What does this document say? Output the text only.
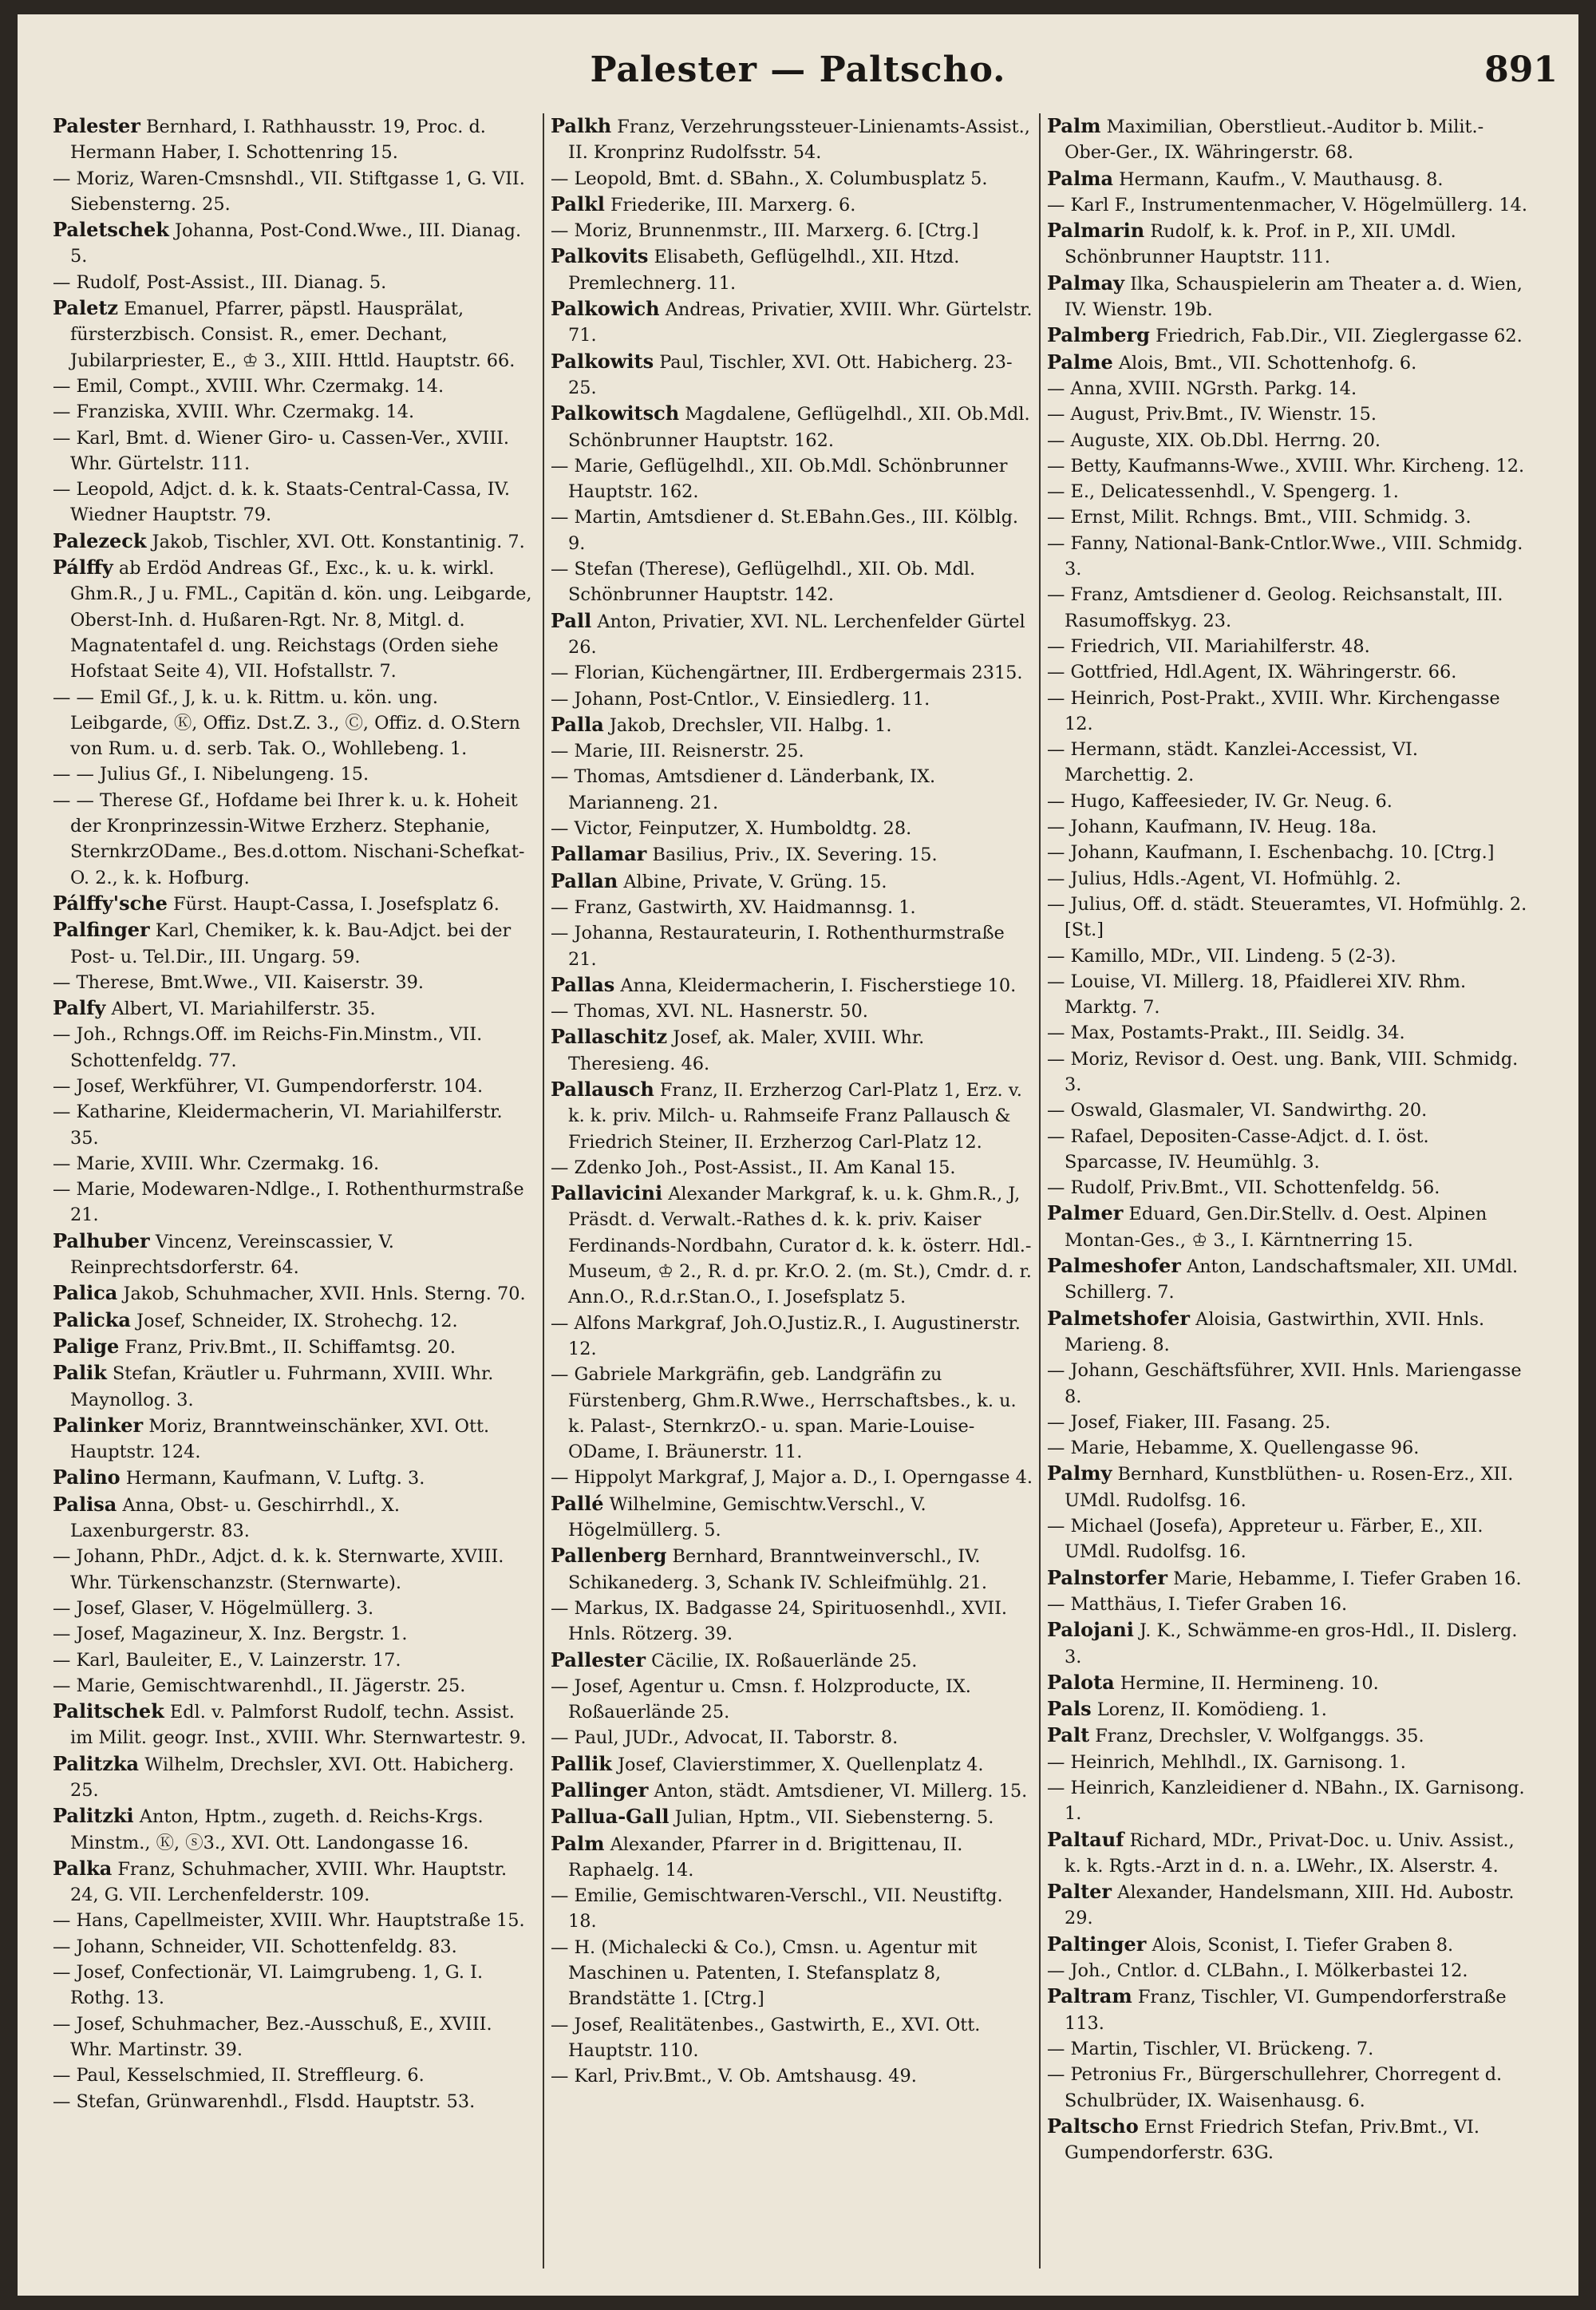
Palester — Paltscho.	891

Palester Bernhard, I. Rathhausstr. 19, Proc. d. Hermann Haber, I. Schottenring 15.

— Moriz, Waren-Cmsnshdl., VII. Stiftgasse 1, G. VII. Siebensterng. 25.

Paletschek Johanna, Post-Cond.Wwe., III. Dianag. 5.

— Rudolf, Post-Assist., III. Dianag. 5.

Paletz Emanuel, Pfarrer, päpstl. Hausprälat, fürsterzbisch. Consist. R., emer. Dechant, Jubilarpriester, E., ♔ 3., XIII. Httld. Hauptstr. 66.

— Emil, Compt., XVIII. Whr. Czermakg. 14.

— Franziska, XVIII. Whr. Czermakg. 14.

— Karl, Bmt. d. Wiener Giro- u. Cassen-Ver., XVIII. Whr. Gürtelstr. 111.

— Leopold, Adjct. d. k. k. Staats-Central-Cassa, IV. Wiedner Hauptstr. 79.

Palezeck Jakob, Tischler, XVI. Ott. Konstantinig. 7.

Pálffy ab Erdöd Andreas Gf., Exc., k. u. k. wirkl. Ghm.R., J u. FML., Capitän d. kön. ung. Leibgarde, Oberst-Inh. d. Hußaren-Rgt. Nr. 8, Mitgl. d. Magnatentafel d. ung. Reichstags (Orden siehe Hofstaat Seite 4), VII. Hofstallstr. 7.

— — Emil Gf., J, k. u. k. Rittm. u. kön. ung. Leibgarde, Ⓚ, Offiz. Dst.Z. 3., Ⓒ, Offiz. d. O.Stern von Rum. u. d. serb. Tak. O., Wohllebeng. 1.

— — Julius Gf., I. Nibelungeng. 15.

— — Therese Gf., Hofdame bei Ihrer k. u. k. Hoheit der Kronprinzessin-Witwe Erzherz. Stephanie, SternkrzODame., Bes.d.ottom. Nischani-Schefkat-O. 2., k. k. Hofburg.

Pálffy'sche Fürst. Haupt-Cassa, I. Josefsplatz 6.

Palfinger Karl, Chemiker, k. k. Bau-Adjct. bei der Post- u. Tel.Dir., III. Ungarg. 59.

— Therese, Bmt.Wwe., VII. Kaiserstr. 39.

Palfy Albert, VI. Mariahilferstr. 35.

— Joh., Rchngs.Off. im Reichs-Fin.Minstm., VII. Schottenfeldg. 77.

— Josef, Werkführer, VI. Gumpendorferstr. 104.

— Katharine, Kleidermacherin, VI. Mariahilferstr. 35.

— Marie, XVIII. Whr. Czermakg. 16.

— Marie, Modewaren-Ndlge., I. Rothenthurmstraße 21.

Palhuber Vincenz, Vereinscassier, V. Reinprechtsdorferstr. 64.

Palica Jakob, Schuhmacher, XVII. Hnls. Sterng. 70.

Palicka Josef, Schneider, IX. Strohechg. 12.

Palige Franz, Priv.Bmt., II. Schiffamtsg. 20.

Palik Stefan, Kräutler u. Fuhrmann, XVIII. Whr. Maynollog. 3.

Palinker Moriz, Branntweinschänker, XVI. Ott. Hauptstr. 124.

Palino Hermann, Kaufmann, V. Luftg. 3.

Palisa Anna, Obst- u. Geschirrhdl., X. Laxenburgerstr. 83.

— Johann, PhDr., Adjct. d. k. k. Sternwarte, XVIII. Whr. Türkenschanzstr. (Sternwarte).

— Josef, Glaser, V. Högelmüllerg. 3.

— Josef, Magazineur, X. Inz. Bergstr. 1.

— Karl, Bauleiter, E., V. Lainzerstr. 17.

— Marie, Gemischtwarenhdl., II. Jägerstr. 25.

Palitschek Edl. v. Palmforst Rudolf, techn. Assist. im Milit. geogr. Inst., XVIII. Whr. Sternwartestr. 9.

Palitzka Wilhelm, Drechsler, XVI. Ott. Habicherg. 25.

Palitzki Anton, Hptm., zugeth. d. Reichs-Krgs. Minstm., Ⓚ, ⓢ3., XVI. Ott. Landongasse 16.

Palka Franz, Schuhmacher, XVIII. Whr. Hauptstr. 24, G. VII. Lerchenfelderstr. 109.

— Hans, Capellmeister, XVIII. Whr. Hauptstraße 15.

— Johann, Schneider, VII. Schottenfeldg. 83.

— Josef, Confectionär, VI. Laimgrubeng. 1, G. I. Rothg. 13.

— Josef, Schuhmacher, Bez.-Ausschuß, E., XVIII. Whr. Martinstr. 39.

— Paul, Kesselschmied, II. Streffleurg. 6.

— Stefan, Grünwarenhdl., Flsdd. Hauptstr. 53.

Palkh Franz, Verzehrungssteuer-Linienamts-Assist., II. Kronprinz Rudolfsstr. 54.

— Leopold, Bmt. d. SBahn., X. Columbusplatz 5.

Palkl Friederike, III. Marxerg. 6.

— Moriz, Brunnenmstr., III. Marxerg. 6. [Ctrg.]

Palkovits Elisabeth, Geflügelhdl., XII. Htzd. Premlechnerg. 11.

Palkowich Andreas, Privatier, XVIII. Whr. Gürtelstr. 71.

Palkowits Paul, Tischler, XVI. Ott. Habicherg. 23-25.

Palkowitsch Magdalene, Geflügelhdl., XII. Ob.Mdl. Schönbrunner Hauptstr. 162.

— Marie, Geflügelhdl., XII. Ob.Mdl. Schönbrunner Hauptstr. 162.

— Martin, Amtsdiener d. St.EBahn.Ges., III. Kölblg. 9.

— Stefan (Therese), Geflügelhdl., XII. Ob. Mdl. Schönbrunner Hauptstr. 142.

Pall Anton, Privatier, XVI. NL. Lerchenfelder Gürtel 26.

— Florian, Küchengärtner, III. Erdbergermais 2315.

— Johann, Post-Cntlor., V. Einsiedlerg. 11.

Palla Jakob, Drechsler, VII. Halbg. 1.

— Marie, III. Reisnerstr. 25.

— Thomas, Amtsdiener d. Länderbank, IX. Marianneng. 21.

— Victor, Feinputzer, X. Humboldtg. 28.

Pallamar Basilius, Priv., IX. Severing. 15.

Pallan Albine, Private, V. Grüng. 15.

— Franz, Gastwirth, XV. Haidmannsg. 1.

— Johanna, Restaurateurin, I. Rothenthurmstraße 21.

Pallas Anna, Kleidermacherin, I. Fischerstiege 10.

— Thomas, XVI. NL. Hasnerstr. 50.

Pallaschitz Josef, ak. Maler, XVIII. Whr. Theresieng. 46.

Pallausch Franz, II. Erzherzog Carl-Platz 1, Erz. v. k. k. priv. Milch- u. Rahmseife Franz Pallausch & Friedrich Steiner, II. Erzherzog Carl-Platz 12.

— Zdenko Joh., Post-Assist., II. Am Kanal 15.

Pallavicini Alexander Markgraf, k. u. k. Ghm.R., J, Präsdt. d. Verwalt.-Rathes d. k. k. priv. Kaiser Ferdinands-Nordbahn, Curator d. k. k. österr. Hdl.-Museum, ♔ 2., R. d. pr. Kr.O. 2. (m. St.), Cmdr. d. r. Ann.O., R.d.r.Stan.O., I. Josefsplatz 5.

— Alfons Markgraf, Joh.O.Justiz.R., I. Augustinerstr. 12.

— Gabriele Markgräfin, geb. Landgräfin zu Fürstenberg, Ghm.R.Wwe., Herrschaftsbes., k. u. k. Palast-, SternkrzO.- u. span. Marie-Louise-ODame, I. Bräunerstr. 11.

— Hippolyt Markgraf, J, Major a. D., I. Operngasse 4.

Pallé Wilhelmine, Gemischtw.Verschl., V. Högelmüllerg. 5.

Pallenberg Bernhard, Branntweinverschl., IV. Schikanederg. 3, Schank IV. Schleifmühlg. 21.

— Markus, IX. Badgasse 24, Spirituosenhdl., XVII. Hnls. Rötzerg. 39.

Pallester Cäcilie, IX. Roßauerlände 25.

— Josef, Agentur u. Cmsn. f. Holzproducte, IX. Roßauerlände 25.

— Paul, JUDr., Advocat, II. Taborstr. 8.

Pallik Josef, Clavierstimmer, X. Quellenplatz 4.

Pallinger Anton, städt. Amtsdiener, VI. Millerg. 15.

Pallua-Gall Julian, Hptm., VII. Siebensterng. 5.

Palm Alexander, Pfarrer in d. Brigittenau, II. Raphaelg. 14.

— Emilie, Gemischtwaren-Verschl., VII. Neustiftg. 18.

— H. (Michalecki & Co.), Cmsn. u. Agentur mit Maschinen u. Patenten, I. Stefansplatz 8, Brandstätte 1. [Ctrg.]

— Josef, Realitätenbes., Gastwirth, E., XVI. Ott. Hauptstr. 110.

— Karl, Priv.Bmt., V. Ob. Amtshausg. 49.

Palm Maximilian, Oberstlieut.-Auditor b. Milit.-Ober-Ger., IX. Währingerstr. 68.

Palma Hermann, Kaufm., V. Mauthausg. 8.

— Karl F., Instrumentenmacher, V. Högelmüllerg. 14.

Palmarin Rudolf, k. k. Prof. in P., XII. UMdl. Schönbrunner Hauptstr. 111.

Palmay Ilka, Schauspielerin am Theater a. d. Wien, IV. Wienstr. 19b.

Palmberg Friedrich, Fab.Dir., VII. Zieglergasse 62.

Palme Alois, Bmt., VII. Schottenhofg. 6.

— Anna, XVIII. NGrsth. Parkg. 14.

— August, Priv.Bmt., IV. Wienstr. 15.

— Auguste, XIX. Ob.Dbl. Herrng. 20.

— Betty, Kaufmanns-Wwe., XVIII. Whr. Kircheng. 12.

— E., Delicatessenhdl., V. Spengerg. 1.

— Ernst, Milit. Rchngs. Bmt., VIII. Schmidg. 3.

— Fanny, National-Bank-Cntlor.Wwe., VIII. Schmidg. 3.

— Franz, Amtsdiener d. Geolog. Reichsanstalt, III. Rasumoffskyg. 23.

— Friedrich, VII. Mariahilferstr. 48.

— Gottfried, Hdl.Agent, IX. Währingerstr. 66.

— Heinrich, Post-Prakt., XVIII. Whr. Kirchengasse 12.

— Hermann, städt. Kanzlei-Accessist, VI. Marchettig. 2.

— Hugo, Kaffeesieder, IV. Gr. Neug. 6.

— Johann, Kaufmann, IV. Heug. 18a.

— Johann, Kaufmann, I. Eschenbachg. 10. [Ctrg.]

— Julius, Hdls.-Agent, VI. Hofmühlg. 2.

— Julius, Off. d. städt. Steueramtes, VI. Hofmühlg. 2. [St.]

— Kamillo, MDr., VII. Lindeng. 5 (2-3).

— Louise, VI. Millerg. 18, Pfaidlerei XIV. Rhm. Marktg. 7.

— Max, Postamts-Prakt., III. Seidlg. 34.

— Moriz, Revisor d. Oest. ung. Bank, VIII. Schmidg. 3.

— Oswald, Glasmaler, VI. Sandwirthg. 20.

— Rafael, Depositen-Casse-Adjct. d. I. öst. Sparcasse, IV. Heumühlg. 3.

— Rudolf, Priv.Bmt., VII. Schottenfeldg. 56.

Palmer Eduard, Gen.Dir.Stellv. d. Oest. Alpinen Montan-Ges., ♔ 3., I. Kärntnerring 15.

Palmeshofer Anton, Landschaftsmaler, XII. UMdl. Schillerg. 7.

Palmetshofer Aloisia, Gastwirthin, XVII. Hnls. Marieng. 8.

— Johann, Geschäftsführer, XVII. Hnls. Mariengasse 8.

— Josef, Fiaker, III. Fasang. 25.

— Marie, Hebamme, X. Quellengasse 96.

Palmy Bernhard, Kunstblüthen- u. Rosen-Erz., XII. UMdl. Rudolfsg. 16.

— Michael (Josefa), Appreteur u. Färber, E., XII. UMdl. Rudolfsg. 16.

Palnstorfer Marie, Hebamme, I. Tiefer Graben 16.

— Matthäus, I. Tiefer Graben 16.

Palojani J. K., Schwämme-en gros-Hdl., II. Dislerg. 3.

Palota Hermine, II. Hermineng. 10.

Pals Lorenz, II. Komödieng. 1.

Palt Franz, Drechsler, V. Wolfganggs. 35.

— Heinrich, Mehlhdl., IX. Garnisong. 1.

— Heinrich, Kanzleidiener d. NBahn., IX. Garnisong. 1.

Paltauf Richard, MDr., Privat-Doc. u. Univ. Assist., k. k. Rgts.-Arzt in d. n. a. LWehr., IX. Alserstr. 4.

Palter Alexander, Handelsmann, XIII. Hd. Aubostr. 29.

Paltinger Alois, Sconist, I. Tiefer Graben 8.

— Joh., Cntlor. d. CLBahn., I. Mölkerbastei 12.

Paltram Franz, Tischler, VI. Gumpendorferstraße 113.

— Martin, Tischler, VI. Brückeng. 7.

— Petronius Fr., Bürgerschullehrer, Chorregent d. Schulbrüder, IX. Waisenhausg. 6.

Paltscho Ernst Friedrich Stefan, Priv.Bmt., VI. Gumpendorferstr. 63G.
